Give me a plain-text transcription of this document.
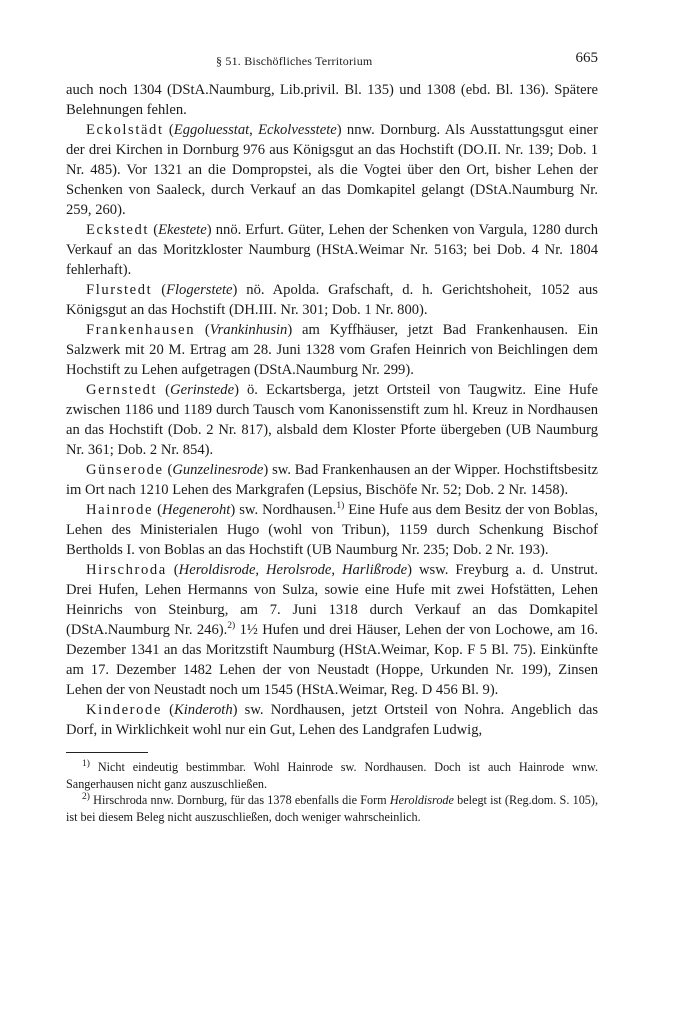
§ 51. Bischöfliches Territorium	665

auch noch 1304 (DStA.Naumburg, Lib.privil. Bl. 135) und 1308 (ebd. Bl. 136). Spätere Belehnungen fehlen.

Eckolstädt (Eggoluesstat, Eckolvesstete) nnw. Dornburg. Als Ausstattungsgut einer der drei Kirchen in Dornburg 976 aus Königsgut an das Hochstift (DO.II. Nr. 139; Dob. 1 Nr. 485). Vor 1321 an die Dompropstei, als die Vogtei über den Ort, bisher Lehen der Schenken von Saaleck, durch Verkauf an das Domkapitel gelangt (DStA.Naumburg Nr. 259, 260).

Eckstedt (Ekestete) nnö. Erfurt. Güter, Lehen der Schenken von Vargula, 1280 durch Verkauf an das Moritzkloster Naumburg (HStA.Weimar Nr. 5163; bei Dob. 4 Nr. 1804 fehlerhaft).

Flurstedt (Flogerstete) nö. Apolda. Grafschaft, d. h. Gerichtshoheit, 1052 aus Königsgut an das Hochstift (DH.III. Nr. 301; Dob. 1 Nr. 800).

Frankenhausen (Vrankinhusin) am Kyffhäuser, jetzt Bad Frankenhausen. Ein Salzwerk mit 20 M. Ertrag am 28. Juni 1328 vom Grafen Heinrich von Beichlingen dem Hochstift zu Lehen aufgetragen (DStA.Naumburg Nr. 299).

Gernstedt (Gerinstede) ö. Eckartsberga, jetzt Ortsteil von Taugwitz. Eine Hufe zwischen 1186 und 1189 durch Tausch vom Kanonissenstift zum hl. Kreuz in Nordhausen an das Hochstift (Dob. 2 Nr. 817), alsbald dem Kloster Pforte übergeben (UB Naumburg Nr. 361; Dob. 2 Nr. 854).

Günserode (Gunzelinesrode) sw. Bad Frankenhausen an der Wipper. Hochstiftsbesitz im Ort nach 1210 Lehen des Markgrafen (Lepsius, Bischöfe Nr. 52; Dob. 2 Nr. 1458).

Hainrode (Hegeneroht) sw. Nordhausen.$^{1)}$ Eine Hufe aus dem Besitz der von Boblas, Lehen des Ministerialen Hugo (wohl von Tribun), 1159 durch Schenkung Bischof Bertholds I. von Boblas an das Hochstift (UB Naumburg Nr. 235; Dob. 2 Nr. 193).

Hirschroda (Heroldisrode, Herolsrode, Harlißrode) wsw. Freyburg a. d. Unstrut. Drei Hufen, Lehen Hermanns von Sulza, sowie eine Hufe mit zwei Hofstätten, Lehen Heinrichs von Steinburg, am 7. Juni 1318 durch Verkauf an das Domkapitel (DStA.Naumburg Nr. 246).$^{2)}$ 1½ Hufen und drei Häuser, Lehen der von Lochowe, am 16. Dezember 1341 an das Moritzstift Naumburg (HStA.Weimar, Kop. F 5 Bl. 75). Einkünfte am 17. Dezember 1482 Lehen der von Neustadt (Hoppe, Urkunden Nr. 199), Zinsen Lehen der von Neustadt noch um 1545 (HStA.Weimar, Reg. D 456 Bl. 9).

Kinderode (Kinderoth) sw. Nordhausen, jetzt Ortsteil von Nohra. Angeblich das Dorf, in Wirklichkeit wohl nur ein Gut, Lehen des Landgrafen Ludwig,

$^{1)}$ Nicht eindeutig bestimmbar. Wohl Hainrode sw. Nordhausen. Doch ist auch Hainrode wnw. Sangerhausen nicht ganz auszuschließen.

$^{2)}$ Hirschroda nnw. Dornburg, für das 1378 ebenfalls die Form Heroldisrode belegt ist (Reg.dom. S. 105), ist bei diesem Beleg nicht auszuschließen, doch weniger wahrscheinlich.
